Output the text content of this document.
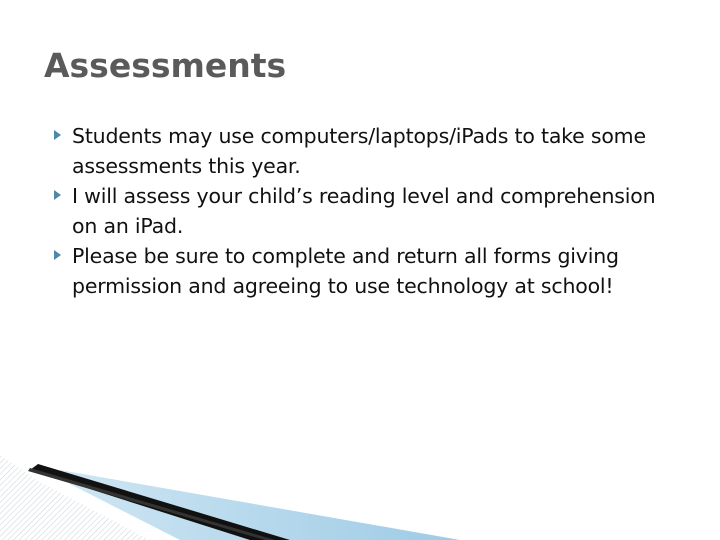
Assessments
Students may use computers/laptops/iPads to take some assessments this year.
I will assess your child’s reading level and comprehension on an iPad.
Please be sure to complete and return all forms giving permission and agreeing to use technology at school!
